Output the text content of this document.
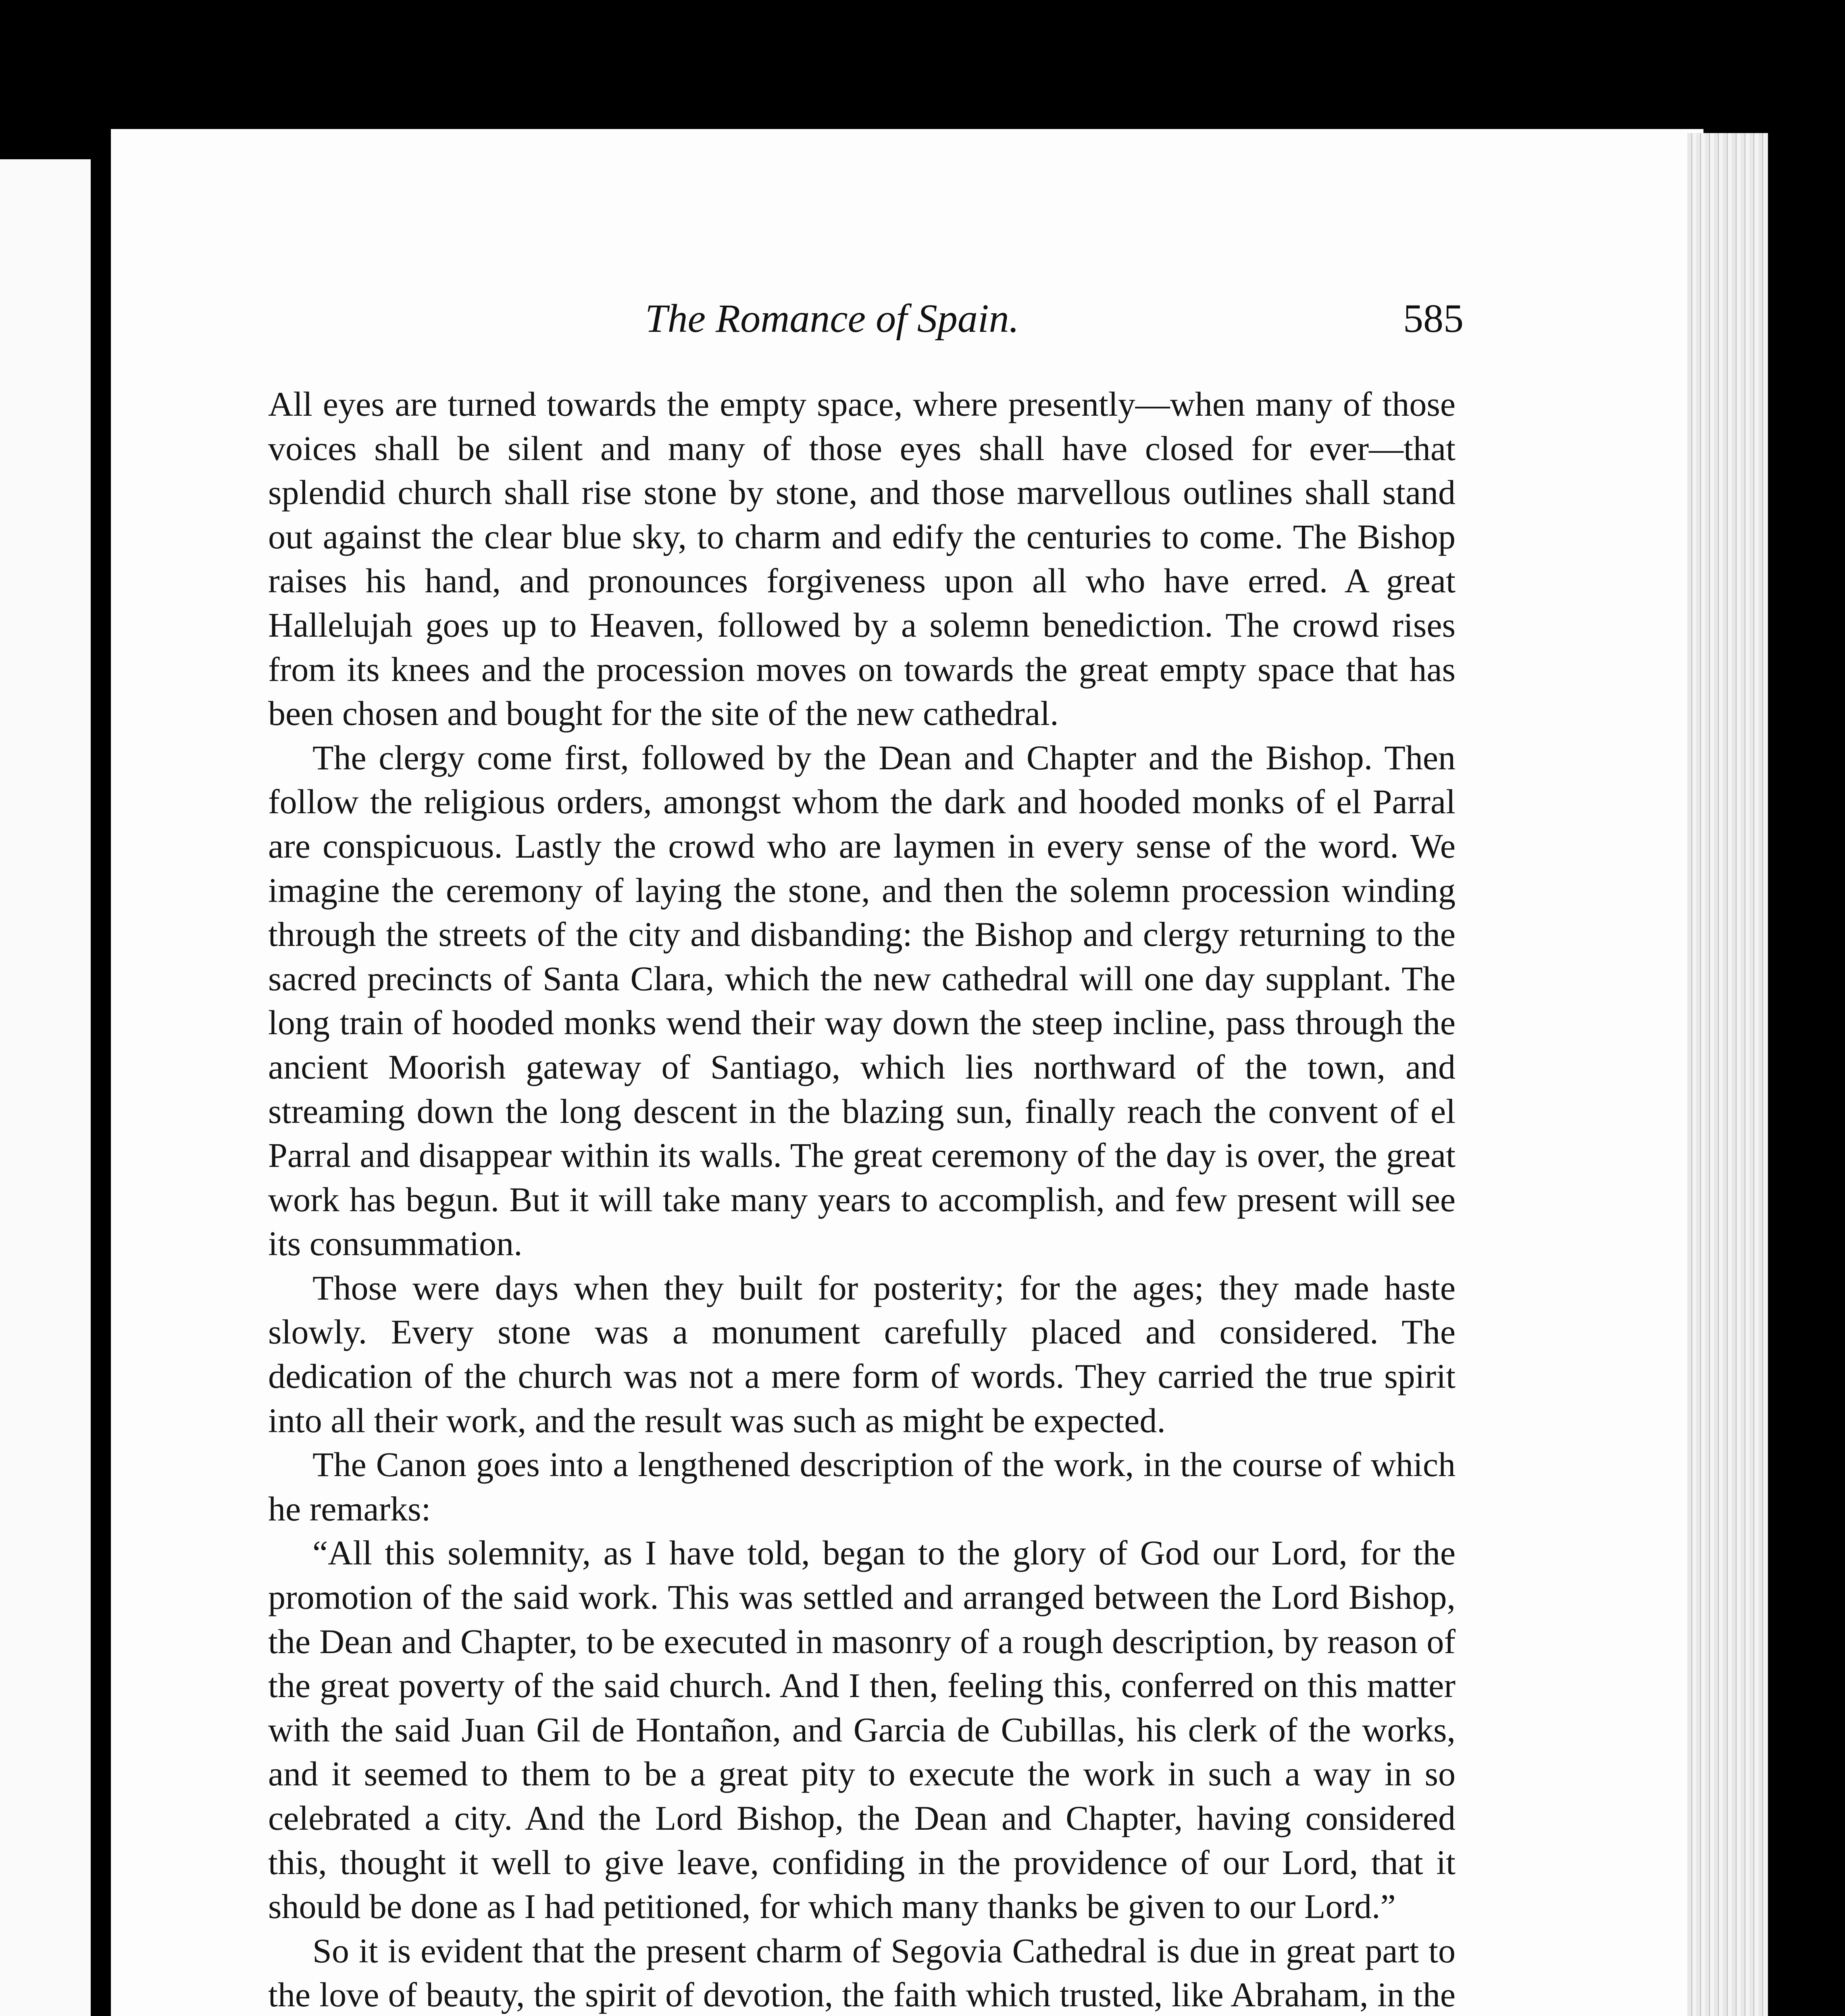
The Romance of Spain.	585

All eyes are turned towards the empty space, where presently—when many of those voices shall be silent and many of those eyes shall have closed for ever—that splendid church shall rise stone by stone, and those marvellous outlines shall stand out against the clear blue sky, to charm and edify the centuries to come. The Bishop raises his hand, and pronounces forgiveness upon all who have erred. A great Hallelujah goes up to Heaven, followed by a solemn benediction. The crowd rises from its knees and the procession moves on towards the great empty space that has been chosen and bought for the site of the new cathedral.

The clergy come first, followed by the Dean and Chapter and the Bishop. Then follow the religious orders, amongst whom the dark and hooded monks of el Parral are conspicuous. Lastly the crowd who are laymen in every sense of the word. We imagine the ceremony of laying the stone, and then the solemn procession winding through the streets of the city and disbanding: the Bishop and clergy returning to the sacred precincts of Santa Clara, which the new cathedral will one day supplant. The long train of hooded monks wend their way down the steep incline, pass through the ancient Moorish gateway of Santiago, which lies northward of the town, and streaming down the long descent in the blazing sun, finally reach the convent of el Parral and disappear within its walls. The great ceremony of the day is over, the great work has begun. But it will take many years to accomplish, and few present will see its consummation.

Those were days when they built for posterity; for the ages; they made haste slowly. Every stone was a monument carefully placed and considered. The dedication of the church was not a mere form of words. They carried the true spirit into all their work, and the result was such as might be expected.

The Canon goes into a lengthened description of the work, in the course of which he remarks:

“All this solemnity, as I have told, began to the glory of God our Lord, for the promotion of the said work. This was settled and arranged between the Lord Bishop, the Dean and Chapter, to be executed in masonry of a rough description, by reason of the great poverty of the said church. And I then, feeling this, conferred on this matter with the said Juan Gil de Hontañon, and Garcia de Cubillas, his clerk of the works, and it seemed to them to be a great pity to execute the work in such a way in so celebrated a city. And the Lord Bishop, the Dean and Chapter, having considered this, thought it well to give leave, confiding in the providence of our Lord, that it should be done as I had petitioned, for which many thanks be given to our Lord.”

So it is evident that the present charm of Segovia Cathedral is due in great part to the love of beauty, the spirit of devotion, the faith which trusted, like Abraham, in the
